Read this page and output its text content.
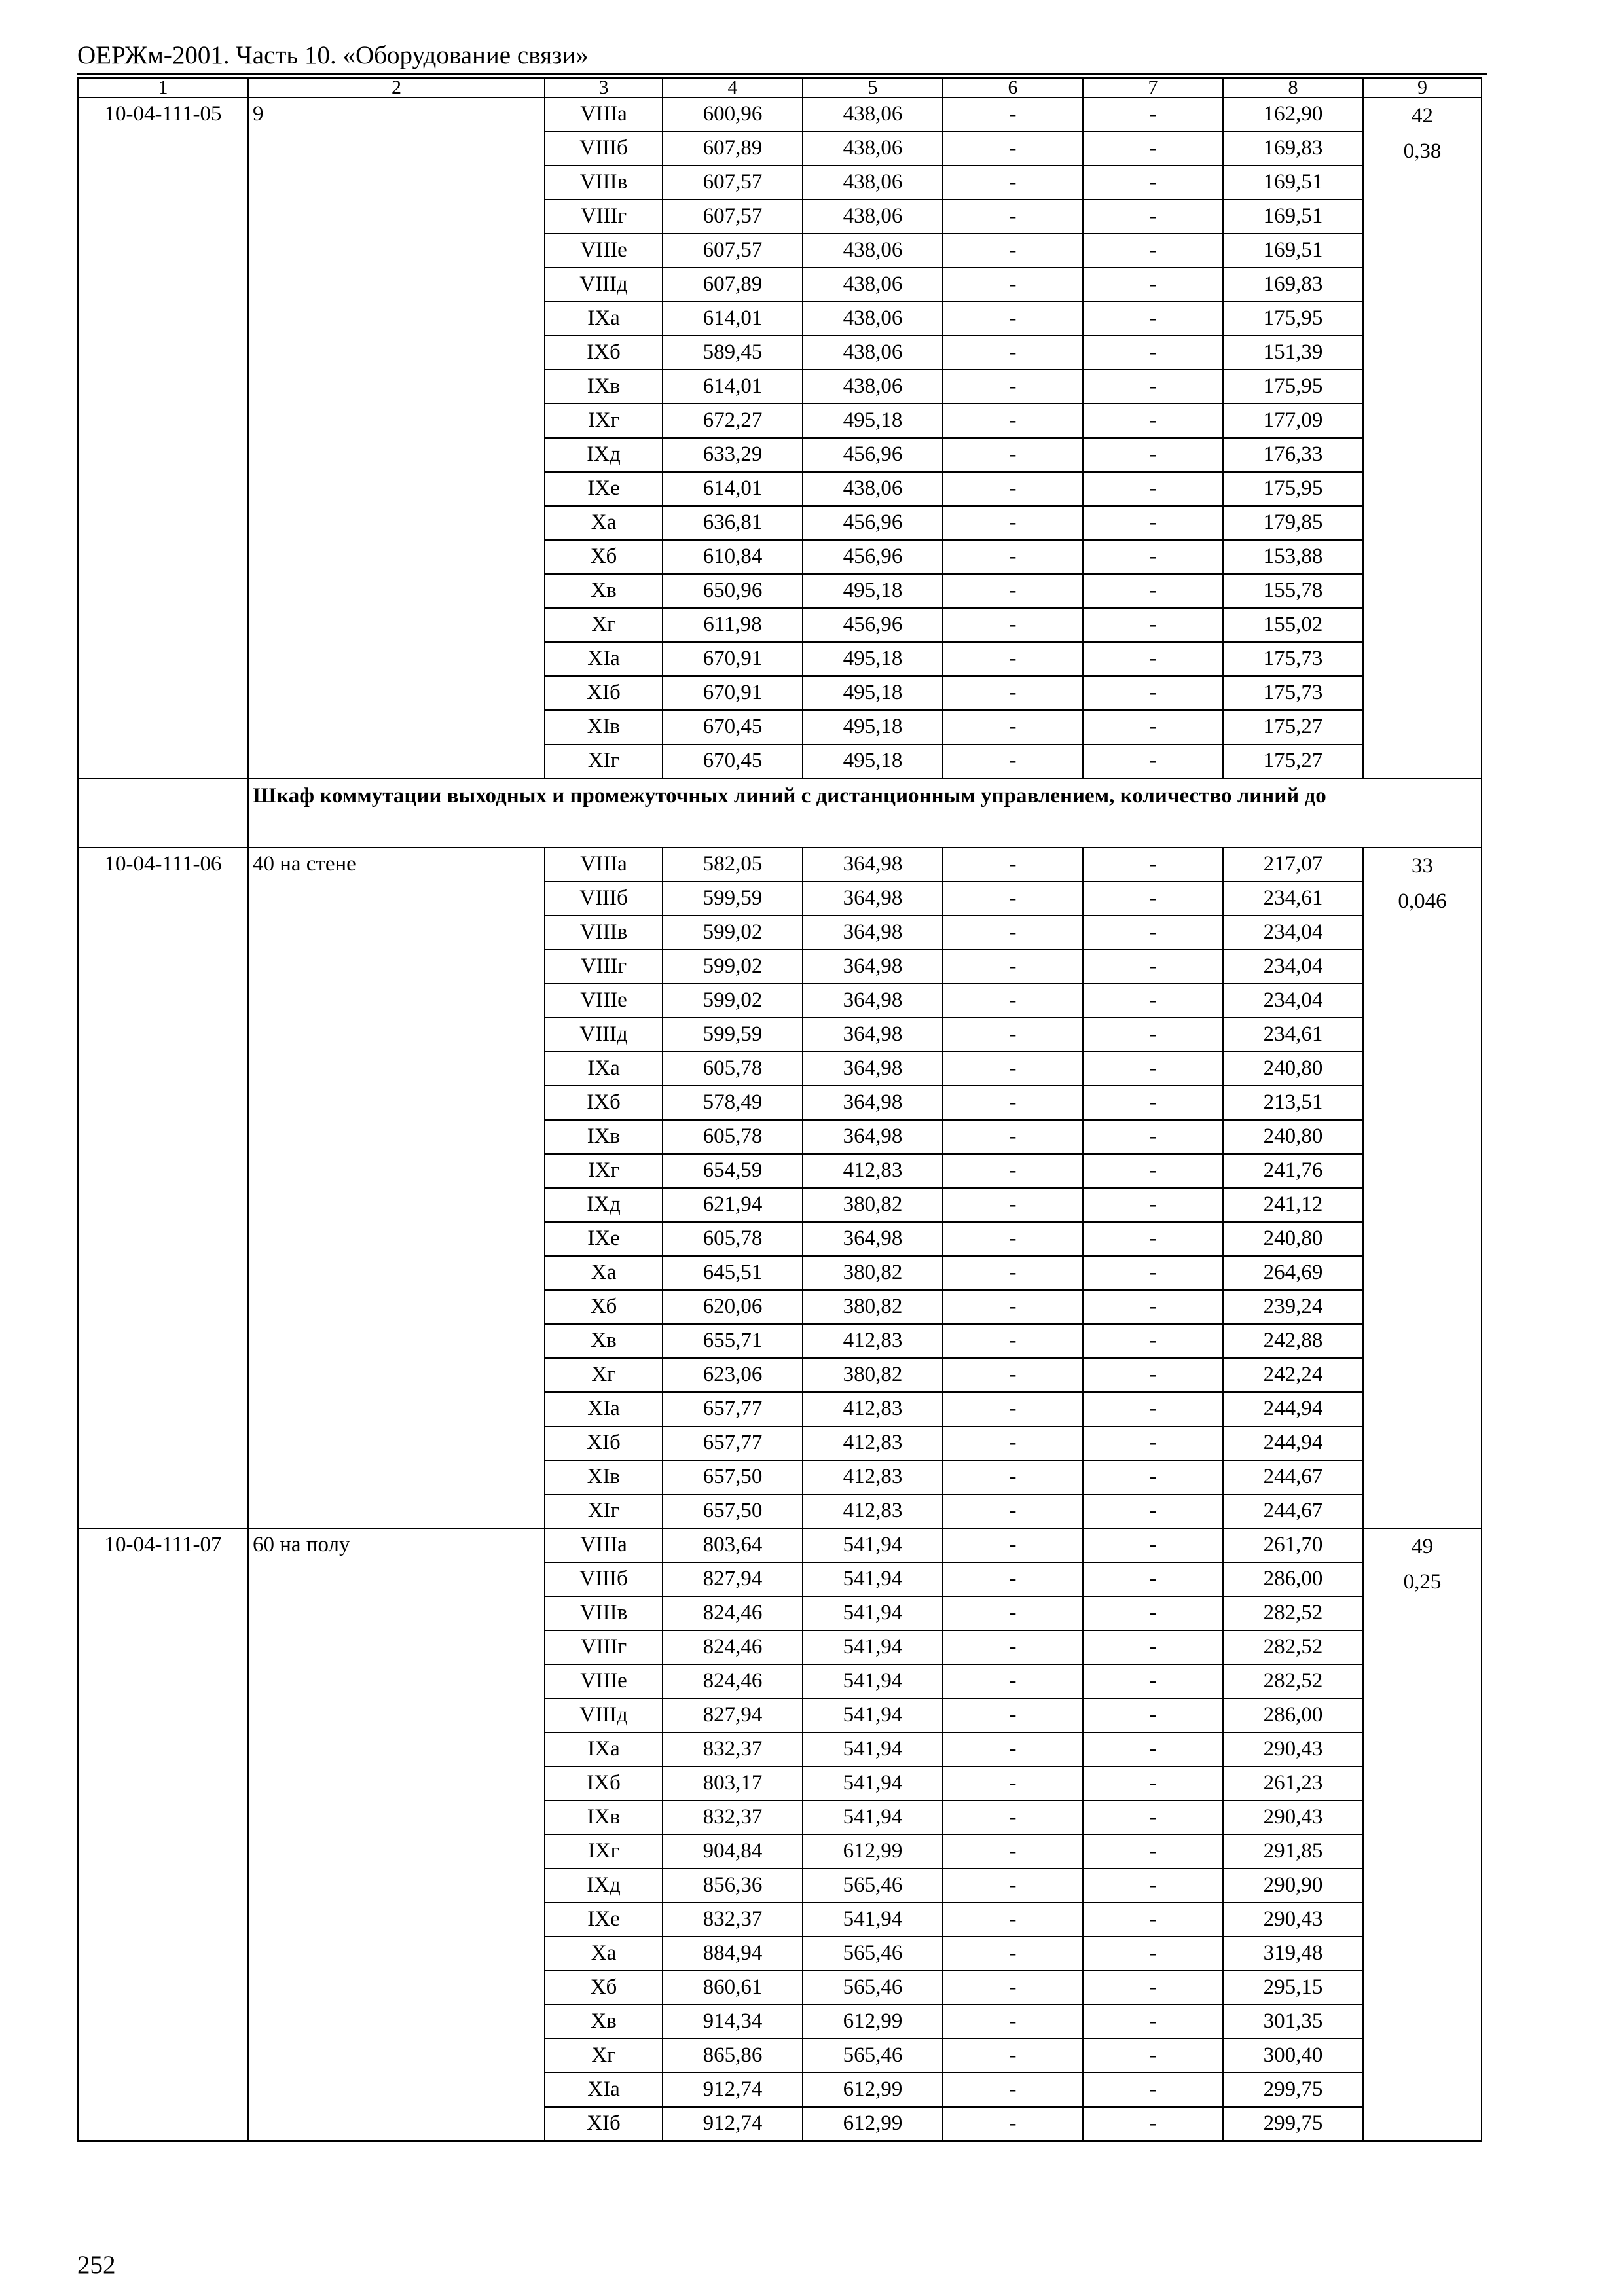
ОЕРЖм-2001. Часть 10. «Оборудование связи»
1	2	3	4	5	6	7	8	9
10-04-111-05	9	VIIIа	600,96	438,06	-	-	162,90	42
0,38

		VIIIб	607,89	438,06	-	-	169,83	
		VIIIв	607,57	438,06	-	-	169,51	
		VIIIг	607,57	438,06	-	-	169,51	
		VIIIе	607,57	438,06	-	-	169,51	
		VIIIд	607,89	438,06	-	-	169,83	
		IXа	614,01	438,06	-	-	175,95	
		IXб	589,45	438,06	-	-	151,39	
		IXв	614,01	438,06	-	-	175,95	
		IXг	672,27	495,18	-	-	177,09	
		IXд	633,29	456,96	-	-	176,33	
		IXе	614,01	438,06	-	-	175,95	
		Xа	636,81	456,96	-	-	179,85	
		Xб	610,84	456,96	-	-	153,88	
		Xв	650,96	495,18	-	-	155,78	
		Xг	611,98	456,96	-	-	155,02	
		XIа	670,91	495,18	-	-	175,73	
		XIб	670,91	495,18	-	-	175,73	
		XIв	670,45	495,18	-	-	175,27	
		XIг	670,45	495,18	-	-	175,27	
	Шкаф коммутации выходных и промежуточных линий с дистанционным управлением, количество линий до							
10-04-111-06	40 на стене	VIIIа	582,05	364,98	-	-	217,07	33
0,046

		VIIIб	599,59	364,98	-	-	234,61	
		VIIIв	599,02	364,98	-	-	234,04	
		VIIIг	599,02	364,98	-	-	234,04	
		VIIIе	599,02	364,98	-	-	234,04	
		VIIIд	599,59	364,98	-	-	234,61	
		IXа	605,78	364,98	-	-	240,80	
		IXб	578,49	364,98	-	-	213,51	
		IXв	605,78	364,98	-	-	240,80	
		IXг	654,59	412,83	-	-	241,76	
		IXд	621,94	380,82	-	-	241,12	
		IXе	605,78	364,98	-	-	240,80	
		Xа	645,51	380,82	-	-	264,69	
		Xб	620,06	380,82	-	-	239,24	
		Xв	655,71	412,83	-	-	242,88	
		Xг	623,06	380,82	-	-	242,24	
		XIа	657,77	412,83	-	-	244,94	
		XIб	657,77	412,83	-	-	244,94	
		XIв	657,50	412,83	-	-	244,67	
		XIг	657,50	412,83	-	-	244,67	
10-04-111-07	60 на полу	VIIIа	803,64	541,94	-	-	261,70	49
0,25

		VIIIб	827,94	541,94	-	-	286,00	
		VIIIв	824,46	541,94	-	-	282,52	
		VIIIг	824,46	541,94	-	-	282,52	
		VIIIе	824,46	541,94	-	-	282,52	
		VIIIд	827,94	541,94	-	-	286,00	
		IXа	832,37	541,94	-	-	290,43	
		IXб	803,17	541,94	-	-	261,23	
		IXв	832,37	541,94	-	-	290,43	
		IXг	904,84	612,99	-	-	291,85	
		IXд	856,36	565,46	-	-	290,90	
		IXе	832,37	541,94	-	-	290,43	
		Xа	884,94	565,46	-	-	319,48	
		Xб	860,61	565,46	-	-	295,15	
		Xв	914,34	612,99	-	-	301,35	
		Xг	865,86	565,46	-	-	300,40	
		XIа	912,74	612,99	-	-	299,75	
		XIб	912,74	612,99	-	-	299,75	
252
